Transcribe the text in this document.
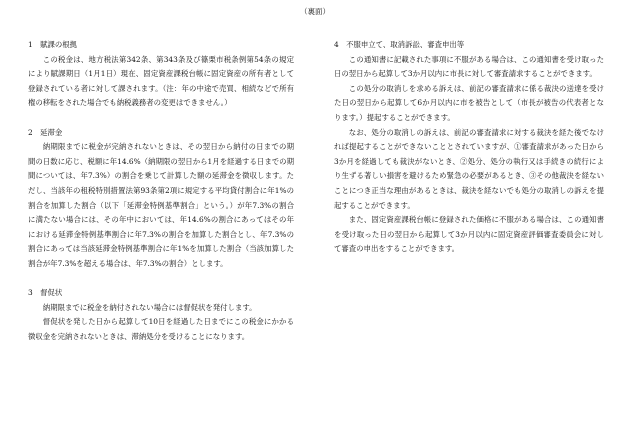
（裏面）
1　賦課の根拠
この税金は、地方税法第342条、第343条及び篠栗市税条例第54条の規定により賦課期日（1月1日）現在、固定資産課税台帳に固定資産の所有者として登録されている者に対して課されます。（注：年の中途で売買、相続などで所有権の移転をされた場合でも納税義務者の変更はできません。）
2　延滞金
納期限までに税金が完納されないときは、その翌日から納付の日までの期間の日数に応じ、税額に年14.6%（納期限の翌日から1月を経過する日までの期間については、年7.3%）の割合を乗じて計算した額の延滞金を徴収します。ただし、当該年の租税特別措置法第93条第2項に規定する平均貸付割合に年1%の割合を加算した割合（以下「延滞金特例基準割合」という。）が年7.3%の割合に満たない場合には、その年中においては、年14.6%の割合にあってはその年における延滞金特例基準割合に年7.3%の割合を加算した割合とし、年7.3%の割合にあっては当該延滞金特例基準割合に年1%を加算した割合（当該加算した割合が年7.3%を超える場合は、年7.3%の割合）とします。
3　督促状
納期限までに税金を納付されない場合には督促状を発付します。
督促状を発した日から起算して10日を経過した日までにこの税金にかかる徴収金を完納されないときは、滞納処分を受けることになります。
4　不服申立て、取消訴訟、審査申出等
この通知書に記載された事項に不服がある場合は、この通知書を受け取った日の翌日から起算して3か月以内に市長に対して審査請求することができます。
この処分の取消しを求める訴えは、前記の審査請求に係る裁決の送達を受けた日の翌日から起算して6か月以内に市を被告として（市長が被告の代表者となります。）提起することができます。
なお、処分の取消しの訴えは、前記の審査請求に対する裁決を経た後でなければ提起することができないこととされていますが、①審査請求があった日から3か月を経過しても裁決がないとき、②処分、処分の執行又は手続きの続行により生ずる著しい損害を避けるため緊急の必要があるとき、③その他裁決を経ないことにつき正当な理由があるときは、裁決を経ないでも処分の取消しの訴えを提起することができます。
また、固定資産課税台帳に登録された価格に不服がある場合は、この通知書を受け取った日の翌日から起算して3か月以内に固定資産評価審査委員会に対して審査の申出をすることができます。
